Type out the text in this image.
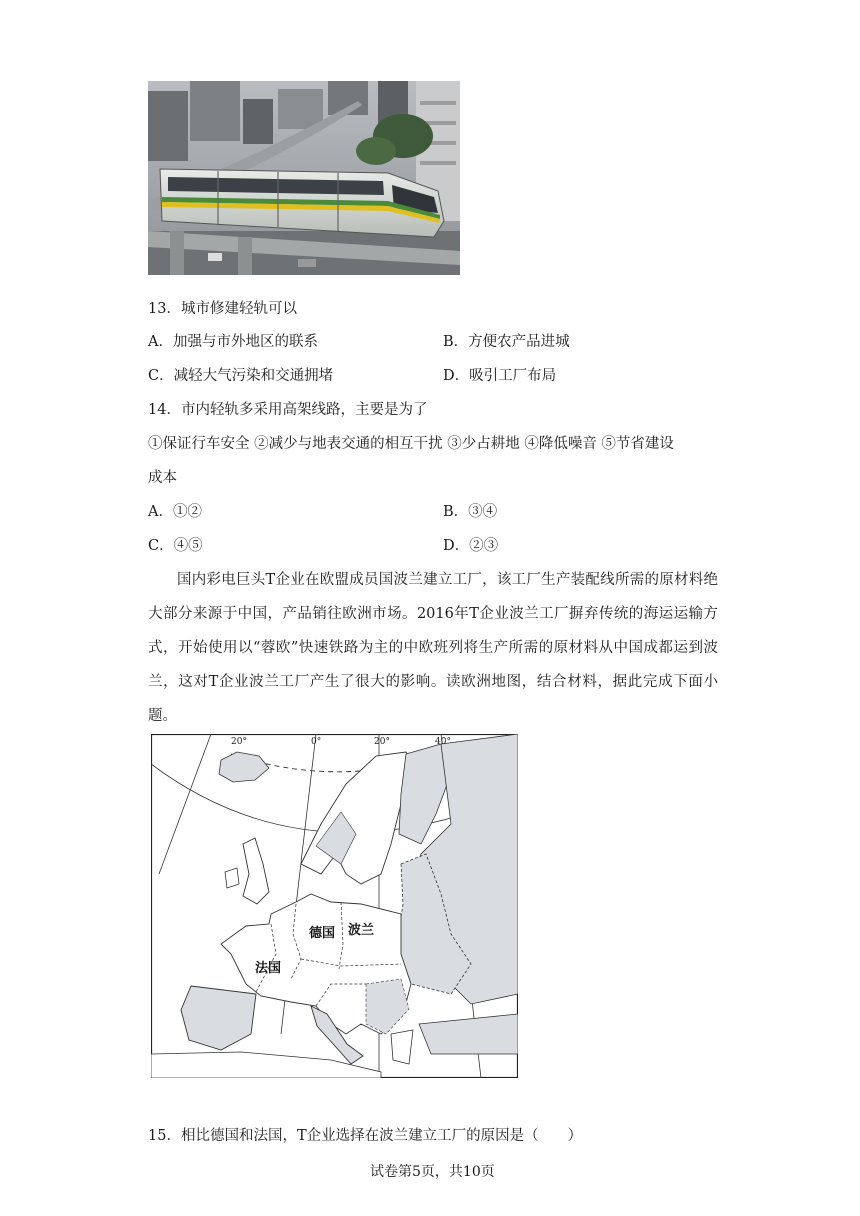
13．城市修建轻轨可以
A．加强与市外地区的联系	B．方便农产品进城
C．减轻大气污染和交通拥堵	D．吸引工厂布局
14．市内轻轨多采用高架线路，主要是为了
①保证行车安全 ②减少与地表交通的相互干扰 ③少占耕地 ④降低噪音 ⑤节省建设
成本
A．①②	B．③④
C．④⑤	D．②③
国内彩电巨头T企业在欧盟成员国波兰建立工厂，该工厂生产装配线所需的原材料绝大部分来源于中国，产品销往欧洲市场。2016年T企业波兰工厂摒弃传统的海运运输方式，开始使用以“蓉欧”快速铁路为主的中欧班列将生产所需的原材料从中国成都运到波兰，这对T企业波兰工厂产生了很大的影响。读欧洲地图，结合材料，据此完成下面小题。
20°	0°	20°	40°
德国 波兰
法国
15．相比德国和法国，T企业选择在波兰建立工厂的原因是（　　）
试卷第5页，共10页
